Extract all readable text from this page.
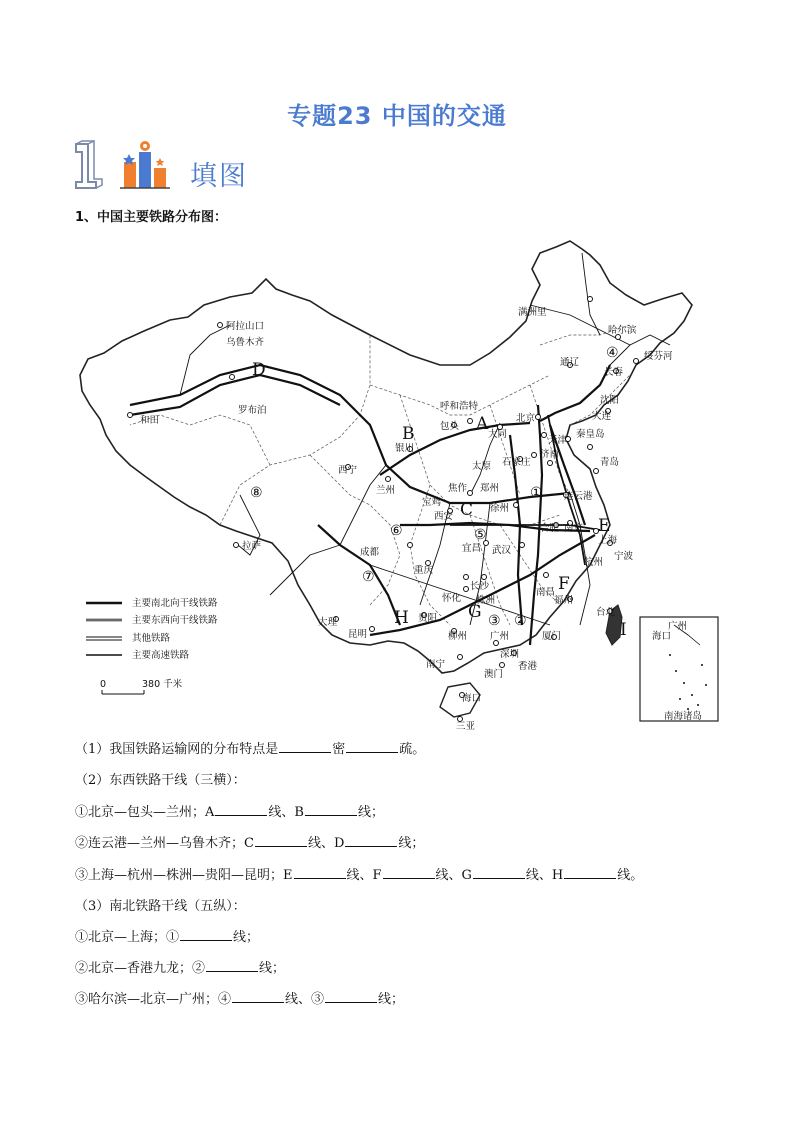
专题23 中国的交通
填图
1、中国主要铁路分布图：
阿拉山口
乌鲁木齐
和田
罗布泊
拉萨
西宁
兰州
银川
包头
呼和浩特
大同
北京
天津
秦皇岛
大连
沈阳
长春
哈尔滨
绥芬河
满洲里
通辽
太原 石家庄
济南
青岛
连云港
徐州
郑州
焦作
宝鸡
西安
成都
重庆
宜昌 武汉
合肥 南京
上海
杭州
宁波
南昌
长沙
株洲
怀化
贵阳
昆明
大理
柳州
南宁
广州
深圳
香港
澳门
福州
厦门
台北
海口
三亚
A
B
C
D
E
F
G
H
I
①
②
③
④
⑤
⑥
⑦
⑧
主要南北向干线铁路
主要东西向干线铁路
其他铁路
主要高速铁路
0	380 千米
广州
海口
南海诸岛
（1）我国铁路运输网的分布特点是	密	疏。
（2）东西铁路干线（三横）：
①北京—包头—兰州；A	线、B	线；
②连云港—兰州—乌鲁木齐；C	线、D	线；
③上海—杭州—株洲—贵阳—昆明；E	线、F	线、G	线、H	线。
（3）南北铁路干线（五纵）：
①北京—上海；①	线；
②北京—香港九龙；②	线；
③哈尔滨—北京—广州；④	线、③	线；
